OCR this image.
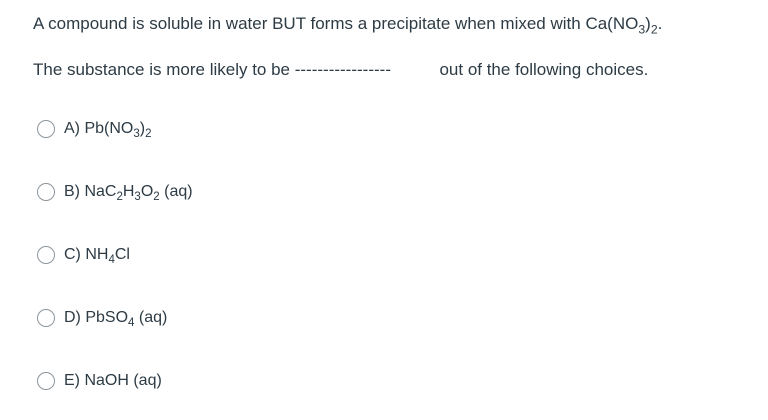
A compound is soluble in water BUT forms a precipitate when mixed with $Ca(NO_3)_2$.
The substance is more likely to be -----------------	out of the following choices.
A) $Pb(NO_3)_2$
B) $NaC_2H_3O_2$ (aq)
C) $NH_4Cl$
D) PbSO$_4$ (aq)
E) NaOH (aq)
